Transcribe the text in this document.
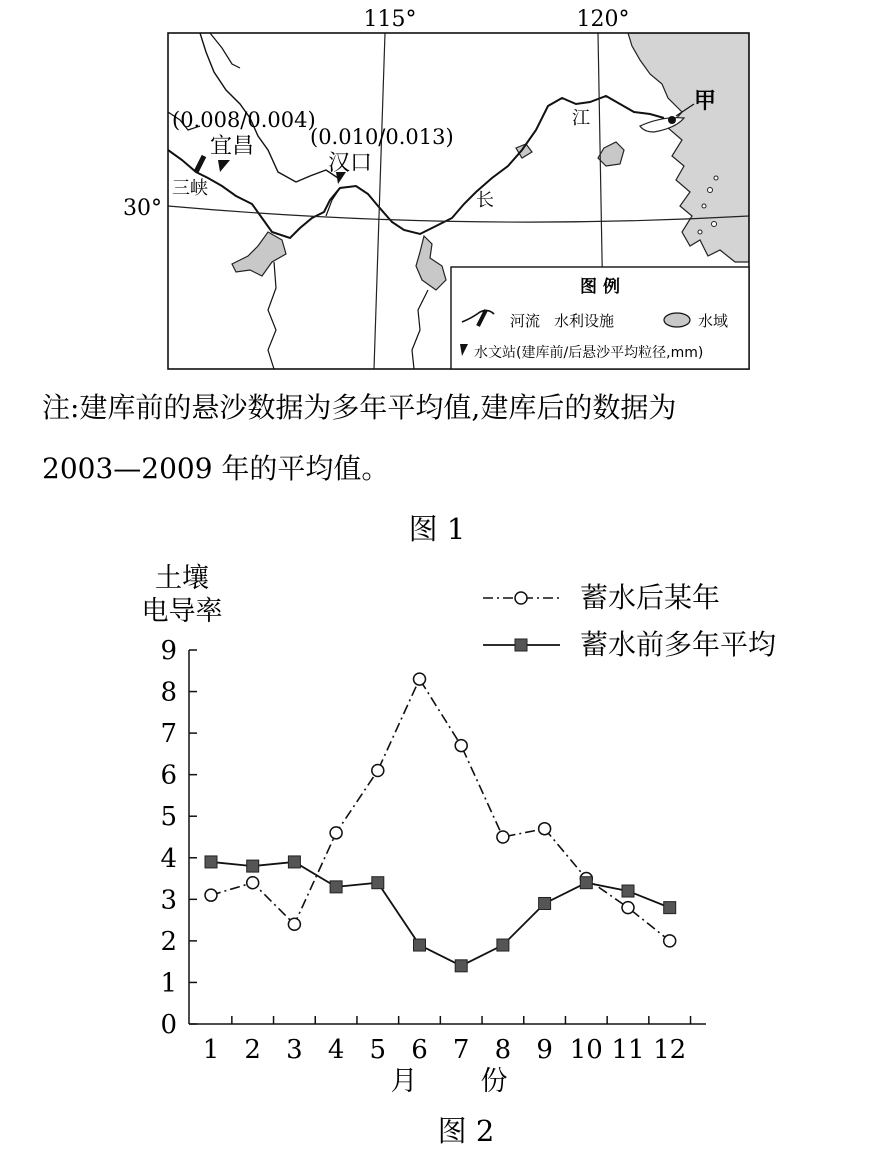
115°	120°
30°
(0.008/0.004)
宜昌	(0.010/0.013)
汉口
三峡
长
江
甲
图 例
河流 水利设施	水域
水文站(建库前/后悬沙平均粒径,mm)
注:建库前的悬沙数据为多年平均值,建库后的数据为
2003—2009 年的平均值。
图 1
蓄水后某年
蓄水前多年平均
土壤
电导率
月 份
0
1
2
3
4
5
6
7
8
9
1 2 3 4 5 6 7 8 9 10 11 12
图 2
